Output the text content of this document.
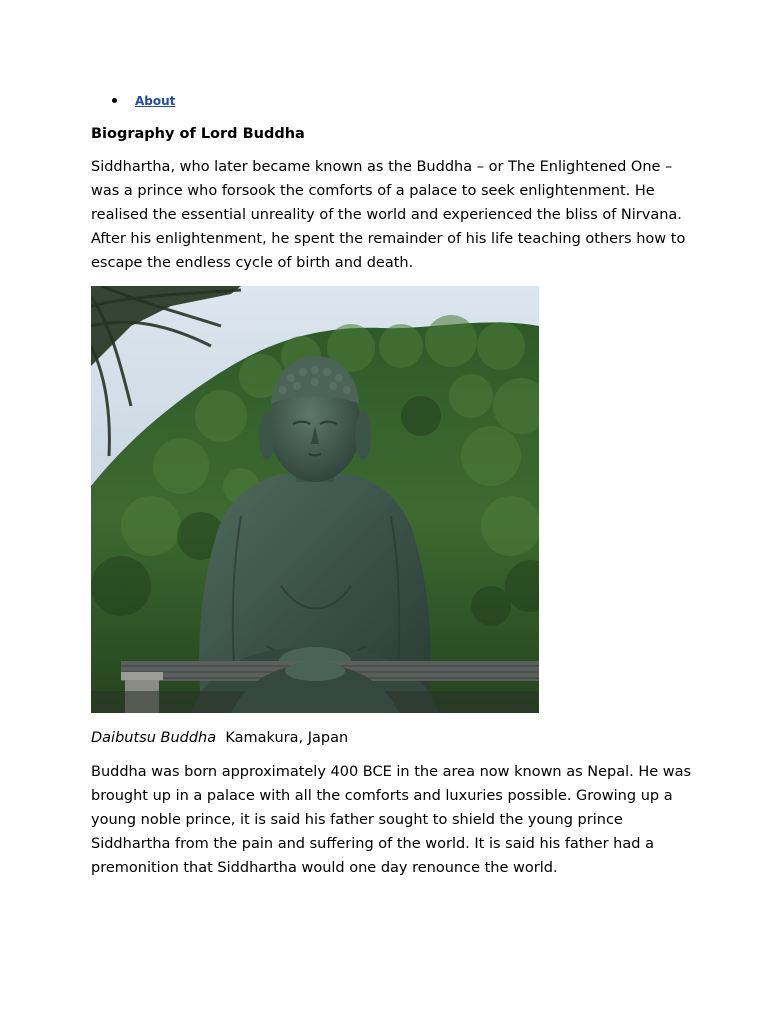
About
Biography of Lord Buddha

Siddhartha, who later became known as the Buddha – or The Enlightened One –
was a prince who forsook the comforts of a palace to seek enlightenment. He
realised the essential unreality of the world and experienced the bliss of Nirvana.
After his enlightenment, he spent the remainder of his life teaching others how to
escape the endless cycle of birth and death.

Daibutsu Buddha Kamakura, Japan

Buddha was born approximately 400 BCE in the area now known as Nepal. He was
brought up in a palace with all the comforts and luxuries possible. Growing up a
young noble prince, it is said his father sought to shield the young prince
Siddhartha from the pain and suffering of the world. It is said his father had a
premonition that Siddhartha would one day renounce the world.
